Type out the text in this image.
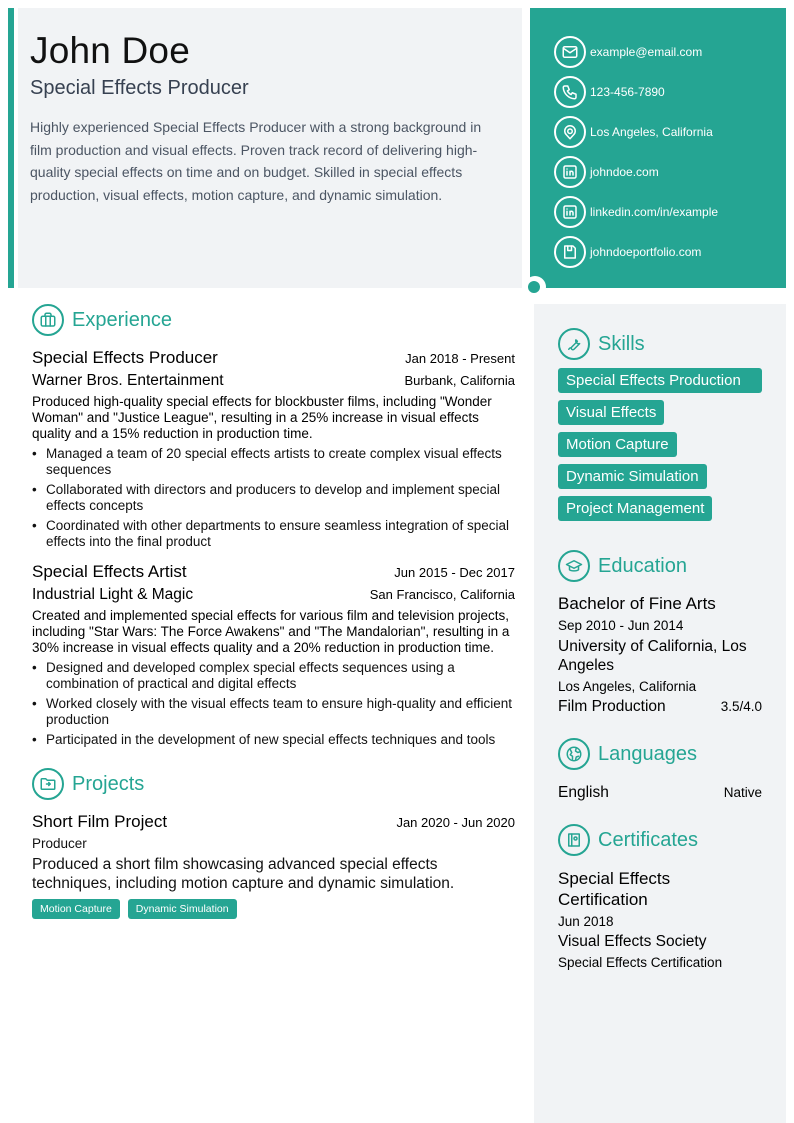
John Doe
Special Effects Producer
Highly experienced Special Effects Producer with a strong background in film production and visual effects. Proven track record of delivering high-quality special effects on time and on budget. Skilled in special effects production, visual effects, motion capture, and dynamic simulation.
example@email.com
123-456-7890
Los Angeles, California
johndoe.com
linkedin.com/in/example
johndoeportfolio.com
Experience
Special Effects Producer	Jan 2018 - Present
Warner Bros. Entertainment	Burbank, California
Produced high-quality special effects for blockbuster films, including "Wonder Woman" and "Justice League", resulting in a 25% increase in visual effects quality and a 15% reduction in production time.
• Managed a team of 20 special effects artists to create complex visual effects sequences
• Collaborated with directors and producers to develop and implement special effects concepts
• Coordinated with other departments to ensure seamless integration of special effects into the final product
Special Effects Artist	Jun 2015 - Dec 2017
Industrial Light & Magic	San Francisco, California
Created and implemented special effects for various film and television projects, including "Star Wars: The Force Awakens" and "The Mandalorian", resulting in a 30% increase in visual effects quality and a 20% reduction in production time.
• Designed and developed complex special effects sequences using a combination of practical and digital effects
• Worked closely with the visual effects team to ensure high-quality and efficient production
• Participated in the development of new special effects techniques and tools
Projects
Short Film Project	Jan 2020 - Jun 2020
Producer
Produced a short film showcasing advanced special effects techniques, including motion capture and dynamic simulation.
Motion Capture	Dynamic Simulation
Skills
Special Effects Production
Visual Effects
Motion Capture
Dynamic Simulation
Project Management
Education
Bachelor of Fine Arts
Sep 2010 - Jun 2014
University of California, Los Angeles
Los Angeles, California
Film Production	3.5/4.0
Languages
English	Native
Certificates
Special Effects Certification
Jun 2018
Visual Effects Society
Special Effects Certification
